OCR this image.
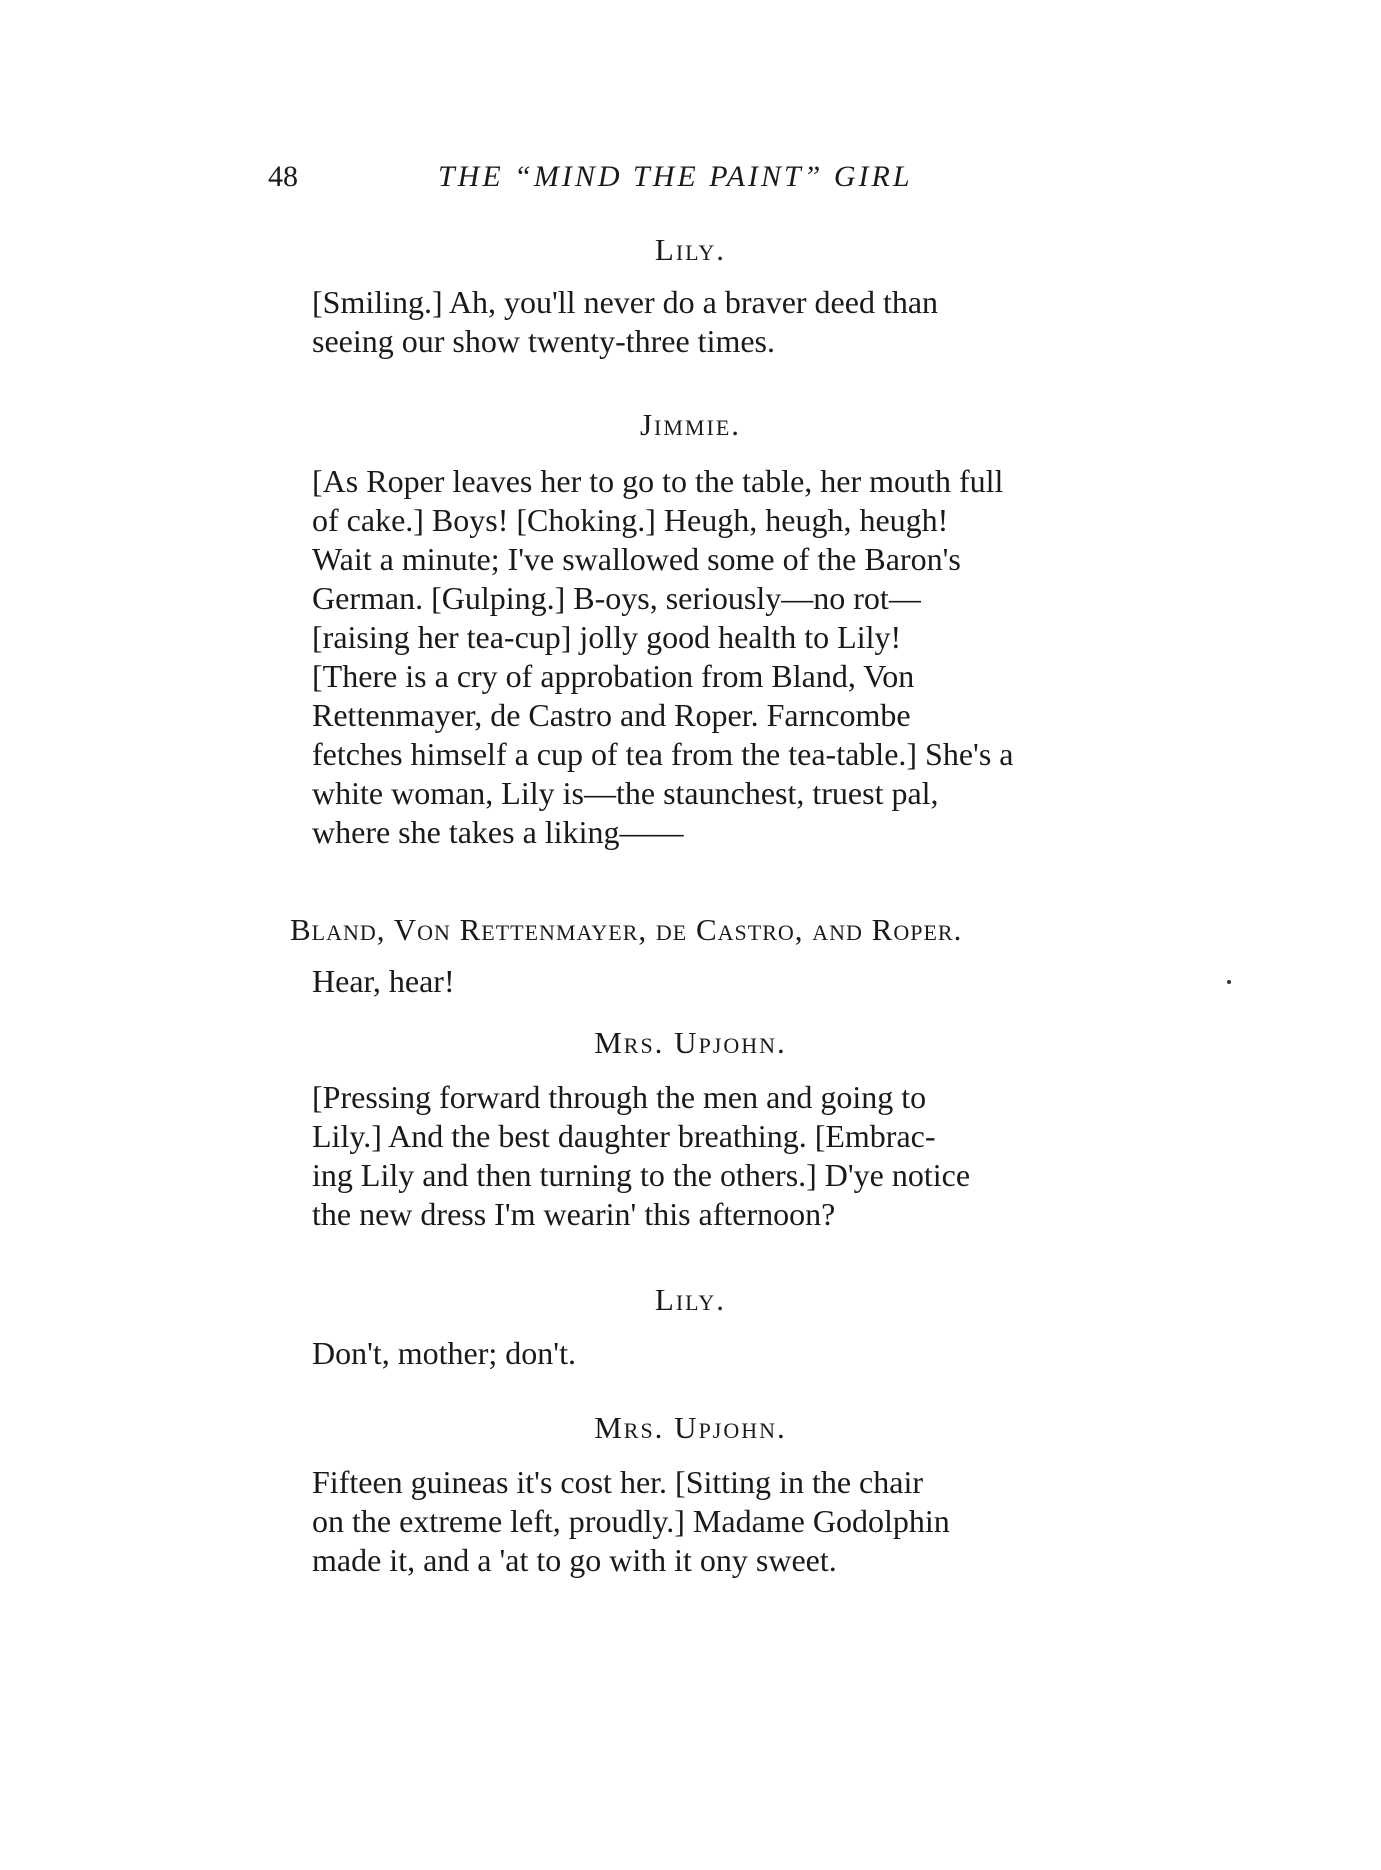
48	THE “MIND THE PAINT” GIRL
Lily.
[Smiling.] Ah, you'll never do a braver deed than
seeing our show twenty-three times.
Jimmie.
[As Roper leaves her to go to the table, her mouth full
of cake.] Boys! [Choking.] Heugh, heugh, heugh!
Wait a minute; I've swallowed some of the Baron's
German. [Gulping.] B-oys, seriously—no rot—
[raising her tea-cup] jolly good health to Lily!
[There is a cry of approbation from Bland, Von
Rettenmayer, de Castro and Roper. Farncombe
fetches himself a cup of tea from the tea-table.] She's a
white woman, Lily is—the staunchest, truest pal,
where she takes a liking——
Bland, Von Rettenmayer, de Castro, and Roper.
Hear, hear!
Mrs. Upjohn.
[Pressing forward through the men and going to
Lily.] And the best daughter breathing. [Embrac-
ing Lily and then turning to the others.] D'ye notice
the new dress I'm wearin' this afternoon?
Lily.
Don't, mother; don't.
Mrs. Upjohn.
Fifteen guineas it's cost her. [Sitting in the chair
on the extreme left, proudly.] Madame Godolphin
made it, and a 'at to go with it ony sweet.
